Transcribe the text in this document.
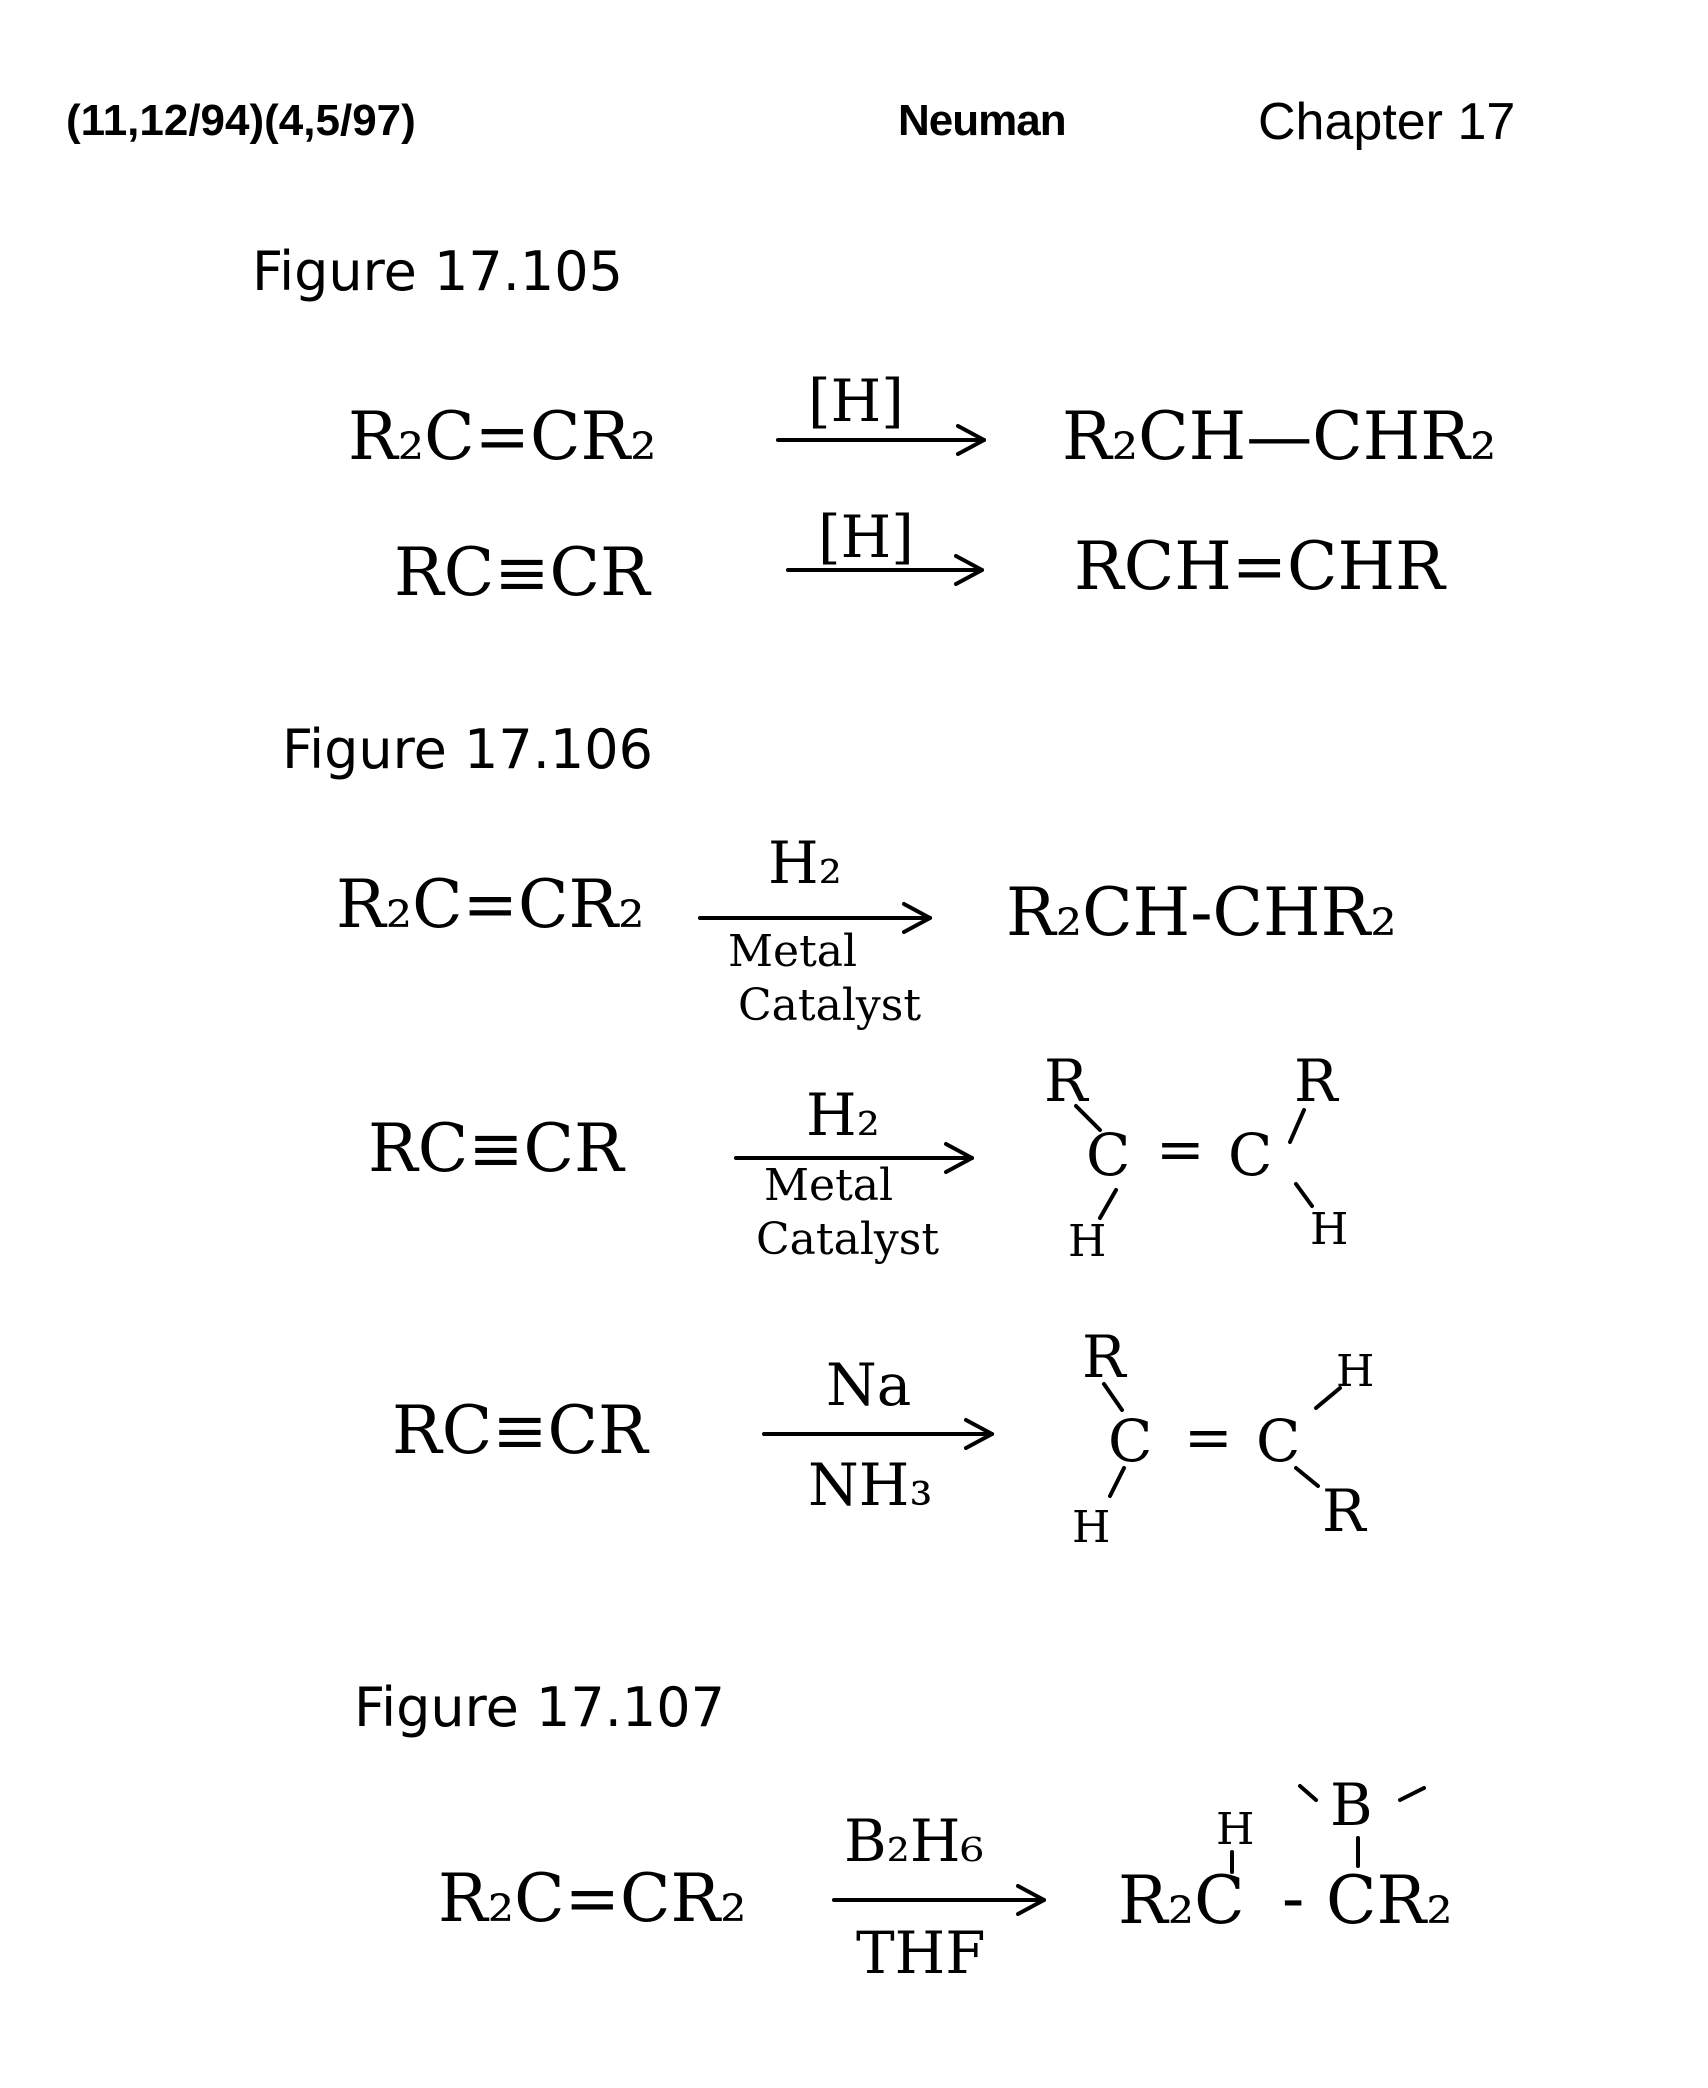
(11,12/94)(4,5/97)	Neuman	Chapter 17
Figure 17.105
R₂C=CR₂	[H] R₂CH—CHR₂
RC≡CR	[H] RCH=CHR
Figure 17.106
R₂C=CR₂
H₂
Metal
Catalyst
R₂CH-CHR₂
RC≡CR	H₂
Metal
Catalyst
R
C = C
R
H	H
RC≡CR
Na
NH₃
R
C = C
H
H	R
Figure 17.107
R₂C=CR₂
B₂H₆
THF
H B
R₂C - CR₂
